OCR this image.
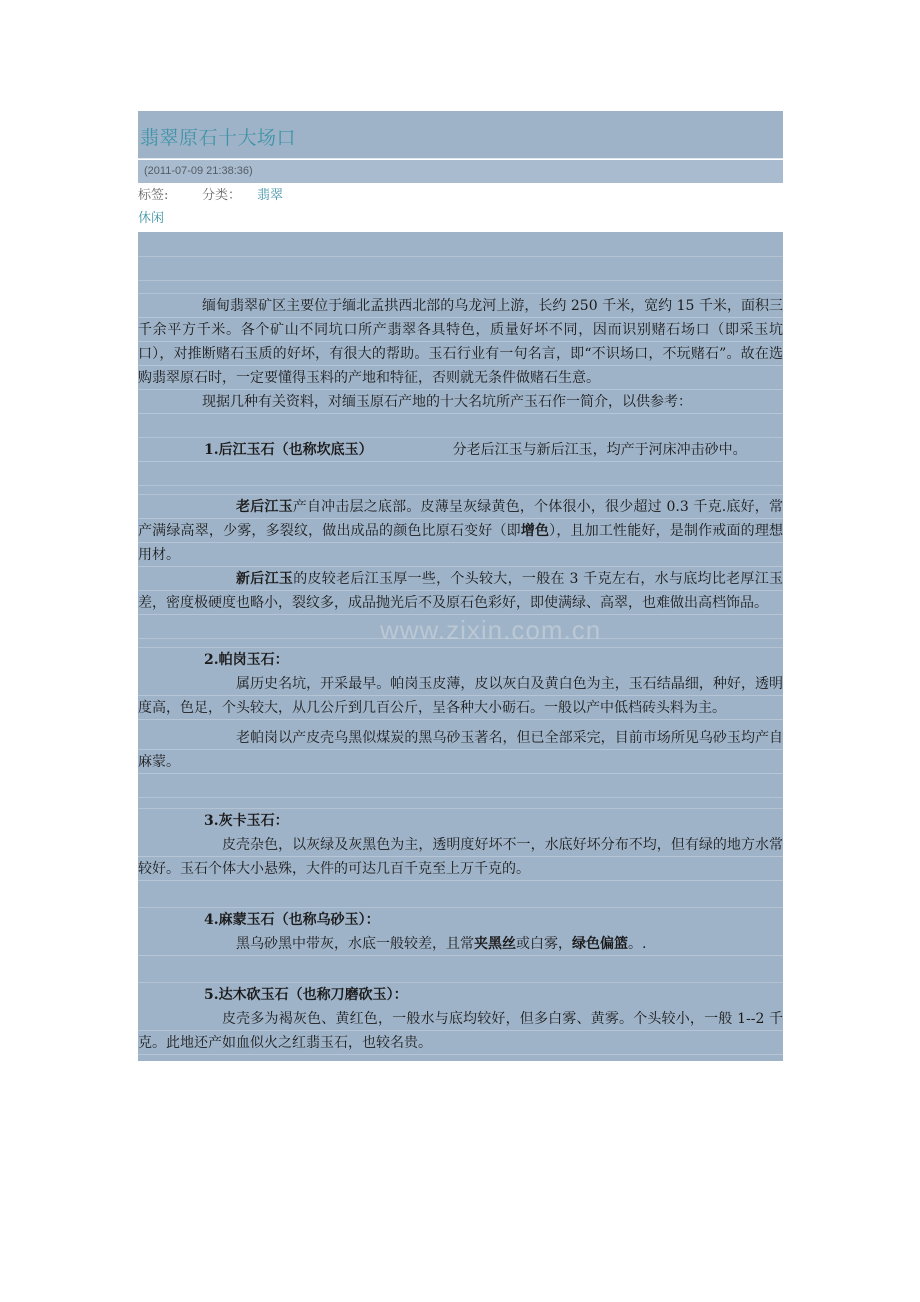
翡翠原石十大场口
(2011-07-09 21:38:36)
标签:	分类： 翡翠
休闲

缅甸翡翠矿区主要位于缅北孟拱西北部的乌龙河上游，长约 250 千米，宽约 15 千米，面积三千余平方千米。各个矿山不同坑口所产翡翠各具特色，质量好坏不同，因而识别赌石场口（即采玉坑口），对推断赌石玉质的好坏，有很大的帮助。玉石行业有一句名言，即“不识场口，不玩赌石”。故在选购翡翠原石时，一定要懂得玉料的产地和特征，否则就无条件做赌石生意。

现据几种有关资料，对缅玉原石产地的十大名坑所产玉石作一简介，以供参考：

1.后江玉石（也称坎底玉）	分老后江玉与新后江玉，均产于河床冲击砂中。

老后江玉产自冲击层之底部。皮薄呈灰绿黄色，个体很小，很少超过 0.3 千克.底好，常产满绿高翠，少雾，多裂纹，做出成品的颜色比原石变好（即增色），且加工性能好，是制作戒面的理想用材。

新后江玉的皮较老后江玉厚一些，个头较大，一般在 3 千克左右，水与底均比老厚江玉差，密度极硬度也略小，裂纹多，成品抛光后不及原石色彩好，即使满绿、高翠，也难做出高档饰品。

2.帕岗玉石：

属历史名坑，开采最早。帕岗玉皮薄，皮以灰白及黄白色为主，玉石结晶细，种好，透明度高，色足，个头较大，从几公斤到几百公斤，呈各种大小砺石。一般以产中低档砖头料为主。

老帕岗以产皮壳乌黑似煤炭的黑乌砂玉著名，但已全部采完，目前市场所见乌砂玉均产自麻蒙。

3.灰卡玉石：

皮壳杂色，以灰绿及灰黑色为主，透明度好坏不一，水底好坏分布不均，但有绿的地方水常较好。玉石个体大小悬殊，大件的可达几百千克至上万千克的。

4.麻蒙玉石（也称乌砂玉）：

黑乌砂黑中带灰，水底一般较差，且常夹黑丝或白雾，绿色偏篮。.

5.达木砍玉石（也称刀磨砍玉）：

皮壳多为褐灰色、黄红色，一般水与底均较好，但多白雾、黄雾。个头较小，一般 1--2 千克。此地还产如血似火之红翡玉石，也较名贵。

www.zixin.com.cn
